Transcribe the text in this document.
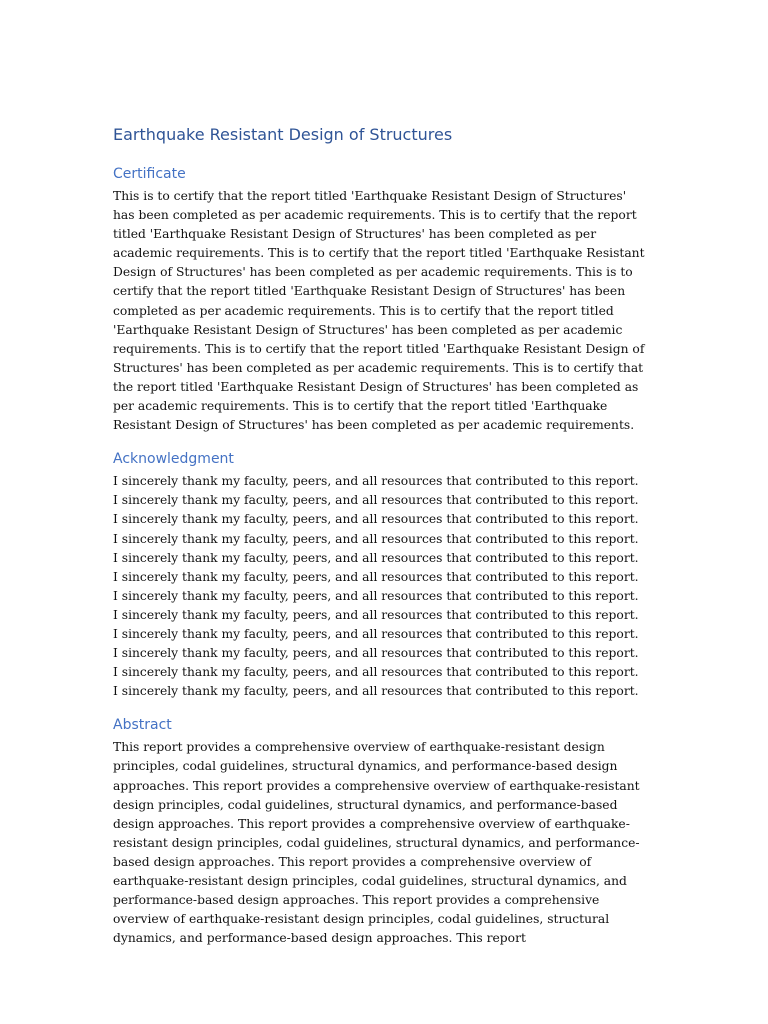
Earthquake Resistant Design of Structures
Certificate

This is to certify that the report titled 'Earthquake Resistant Design of Structures' has been completed as per academic requirements. This is to certify that the report titled 'Earthquake Resistant Design of Structures' has been completed as per academic requirements. This is to certify that the report titled 'Earthquake Resistant Design of Structures' has been completed as per academic requirements. This is to certify that the report titled 'Earthquake Resistant Design of Structures' has been completed as per academic requirements. This is to certify that the report titled 'Earthquake Resistant Design of Structures' has been completed as per academic requirements. This is to certify that the report titled 'Earthquake Resistant Design of Structures' has been completed as per academic requirements. This is to certify that the report titled 'Earthquake Resistant Design of Structures' has been completed as per academic requirements. This is to certify that the report titled 'Earthquake Resistant Design of Structures' has been completed as per academic requirements.

Acknowledgment

I sincerely thank my faculty, peers, and all resources that contributed to this report. I sincerely thank my faculty, peers, and all resources that contributed to this report. I sincerely thank my faculty, peers, and all resources that contributed to this report. I sincerely thank my faculty, peers, and all resources that contributed to this report. I sincerely thank my faculty, peers, and all resources that contributed to this report. I sincerely thank my faculty, peers, and all resources that contributed to this report. I sincerely thank my faculty, peers, and all resources that contributed to this report. I sincerely thank my faculty, peers, and all resources that contributed to this report. I sincerely thank my faculty, peers, and all resources that contributed to this report. I sincerely thank my faculty, peers, and all resources that contributed to this report. I sincerely thank my faculty, peers, and all resources that contributed to this report. I sincerely thank my faculty, peers, and all resources that contributed to this report.

Abstract

This report provides a comprehensive overview of earthquake-resistant design principles, codal guidelines, structural dynamics, and performance-based design approaches. This report provides a comprehensive overview of earthquake-resistant design principles, codal guidelines, structural dynamics, and performance-based design approaches. This report provides a comprehensive overview of earthquake-resistant design principles, codal guidelines, structural dynamics, and performance-based design approaches. This report provides a comprehensive overview of earthquake-resistant design principles, codal guidelines, structural dynamics, and performance-based design approaches. This report provides a comprehensive overview of earthquake-resistant design principles, codal guidelines, structural dynamics, and performance-based design approaches. This report
